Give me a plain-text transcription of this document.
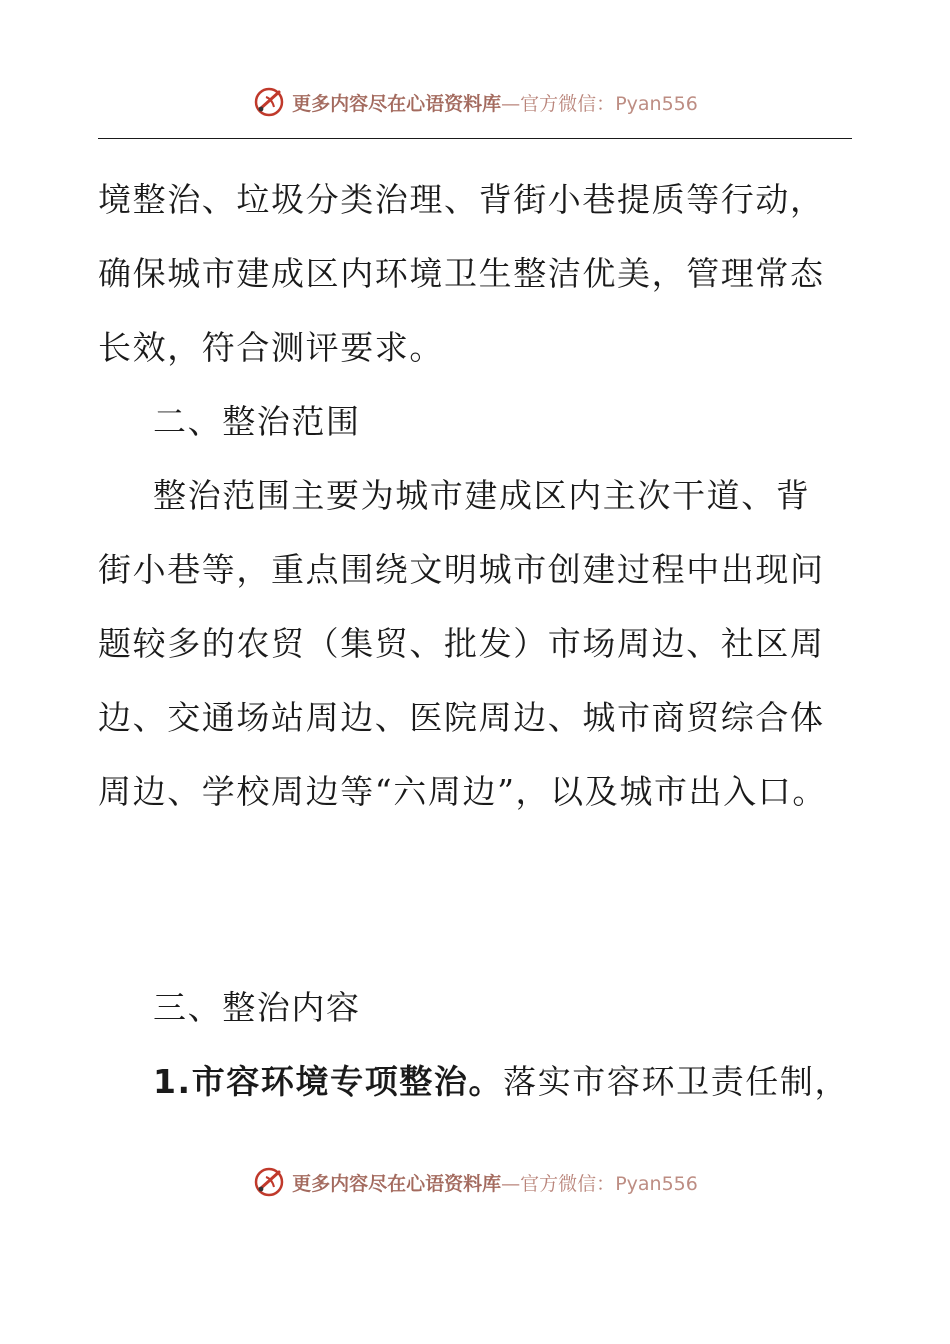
更多内容尽在心语资料库—官方微信：Pyan556
境整治、垃圾分类治理、背街小巷提质等行动，
确保城市建成区内环境卫生整洁优美，管理常态
长效，符合测评要求。
二、整治范围
整治范围主要为城市建成区内主次干道、背
街小巷等，重点围绕文明城市创建过程中出现问
题较多的农贸（集贸、批发）市场周边、社区周
边、交通场站周边、医院周边、城市商贸综合体
周边、学校周边等“六周边”，以及城市出入口。
三、整治内容
1.市容环境专项整治。落实市容环卫责任制，
更多内容尽在心语资料库—官方微信：Pyan556
